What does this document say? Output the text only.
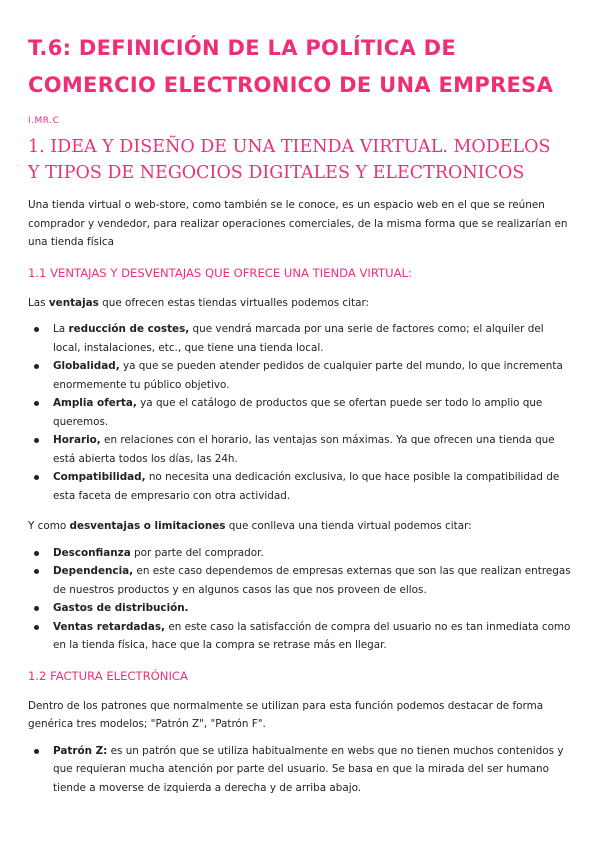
T.6: DEFINICIÓN DE LA POLÍTICA DE
COMERCIO ELECTRONICO DE UNA EMPRESA
I.MR.C
1. IDEA Y DISEÑO DE UNA TIENDA VIRTUAL. MODELOS
Y TIPOS DE NEGOCIOS DIGITALES Y ELECTRONICOS

Una tienda virtual o web-store, como también se le conoce, es un espacio web en el que se reúnen comprador y vendedor, para realizar operaciones comerciales, de la misma forma que se realizarían en una tienda física

1.1 VENTAJAS Y DESVENTAJAS QUE OFRECE UNA TIENDA VIRTUAL:

Las ventajas que ofrecen estas tiendas virtualles podemos citar:

La reducción de costes, que vendrá marcada por una serie de factores como; el alquiler del local, instalaciones, etc., que tiene una tienda local.
Globalidad, ya que se pueden atender pedidos de cualquier parte del mundo, lo que incrementa enormemente tu público objetivo.
Amplia oferta, ya que el catálogo de productos que se ofertan puede ser todo lo amplio que queremos.
Horario, en relaciones con el horario, las ventajas son máximas. Ya que ofrecen una tienda que está abierta todos los días, las 24h.
Compatibilidad, no necesita una dedicación exclusiva, lo que hace posible la compatibilidad de esta faceta de empresario con otra actividad.

Y como desventajas o limitaciones que conlleva una tienda virtual podemos citar:

Desconfianza por parte del comprador.
Dependencia, en este caso dependemos de empresas externas que son las que realizan entregas de nuestros productos y en algunos casos las que nos proveen de ellos.
Gastos de distribución.
Ventas retardadas, en este caso la satisfacción de compra del usuario no es tan inmediata como en la tienda física, hace que la compra se retrase más en llegar.
1.2 FACTURA ELECTRÓNICA

Dentro de los patrones que normalmente se utilizan para esta función podemos destacar de forma genérica tres modelos; "Patrón Z", "Patrón F".

Patrón Z: es un patrón que se utiliza habitualmente en webs que no tienen muchos contenidos y que requieran mucha atención por parte del usuario. Se basa en que la mirada del ser humano tiende a moverse de izquierda a derecha y de arriba abajo.
